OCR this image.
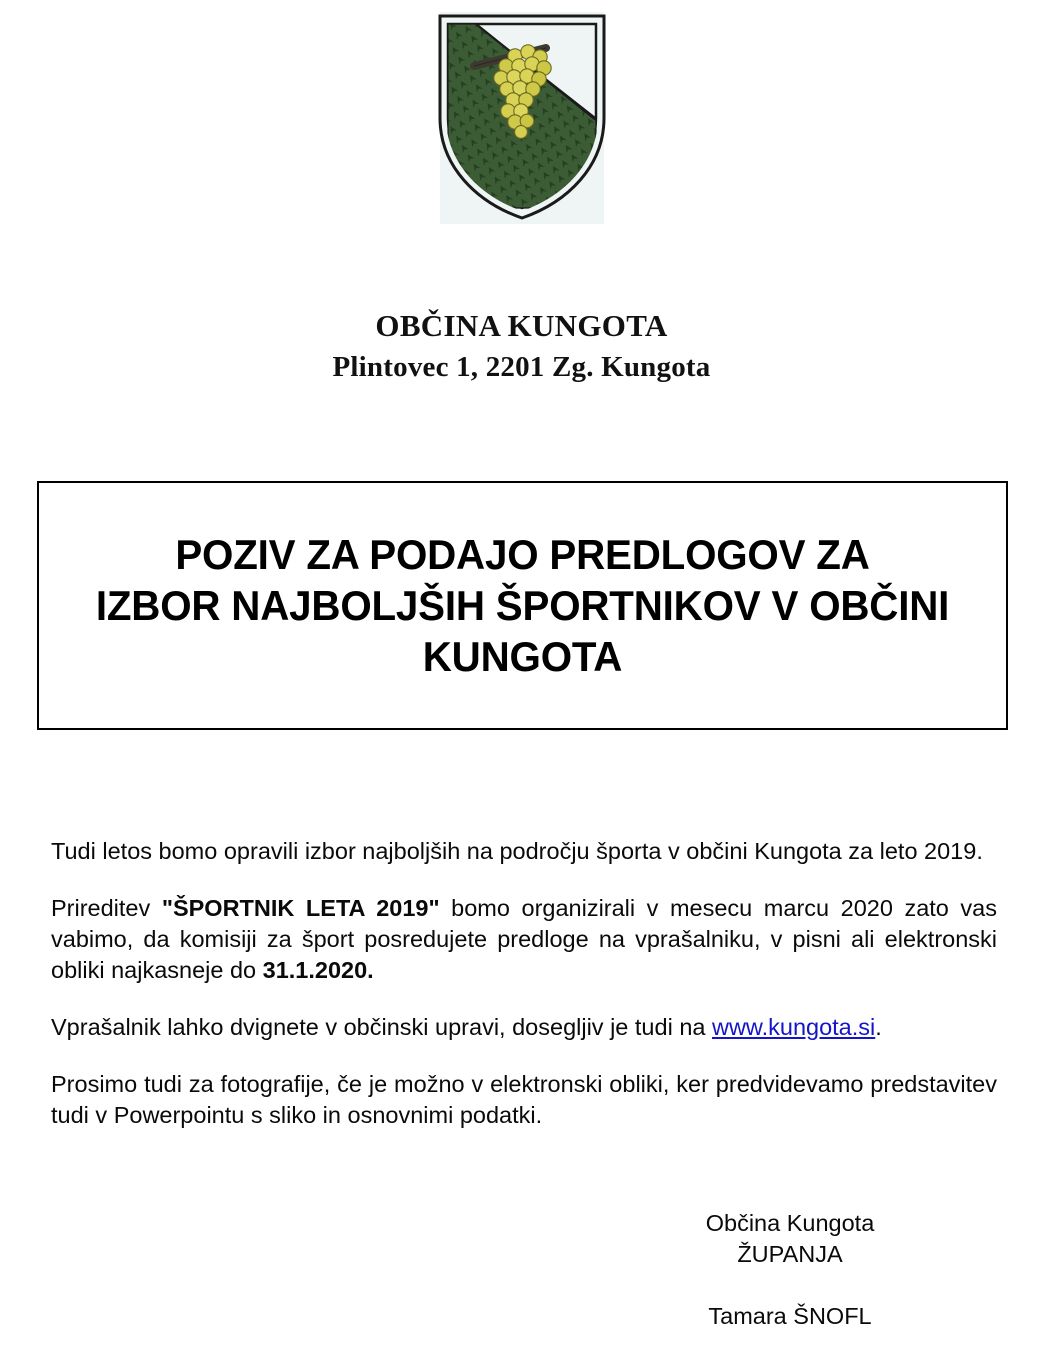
OBČINA KUNGOTA
Plintovec 1, 2201 Zg. Kungota
POZIV ZA PODAJO PREDLOGOV ZA
IZBOR NAJBOLJŠIH ŠPORTNIKOV V OBČINI
KUNGOTA

Tudi letos bomo opravili izbor najboljših na področju športa v občini Kungota za leto 2019.

Prireditev "ŠPORTNIK LETA 2019" bomo organizirali v mesecu marcu 2020 zato vas vabimo, da komisiji za šport posredujete predloge na vprašalniku, v pisni ali elektronski obliki najkasneje do 31.1.2020.

Vprašalnik lahko dvignete v občinski upravi, dosegljiv je tudi na www.kungota.si.

Prosimo tudi za fotografije, če je možno v elektronski obliki, ker predvidevamo predstavitev tudi v Powerpointu s sliko in osnovnimi podatki.

Občina Kungota
ŽUPANJA
Tamara ŠNOFL
